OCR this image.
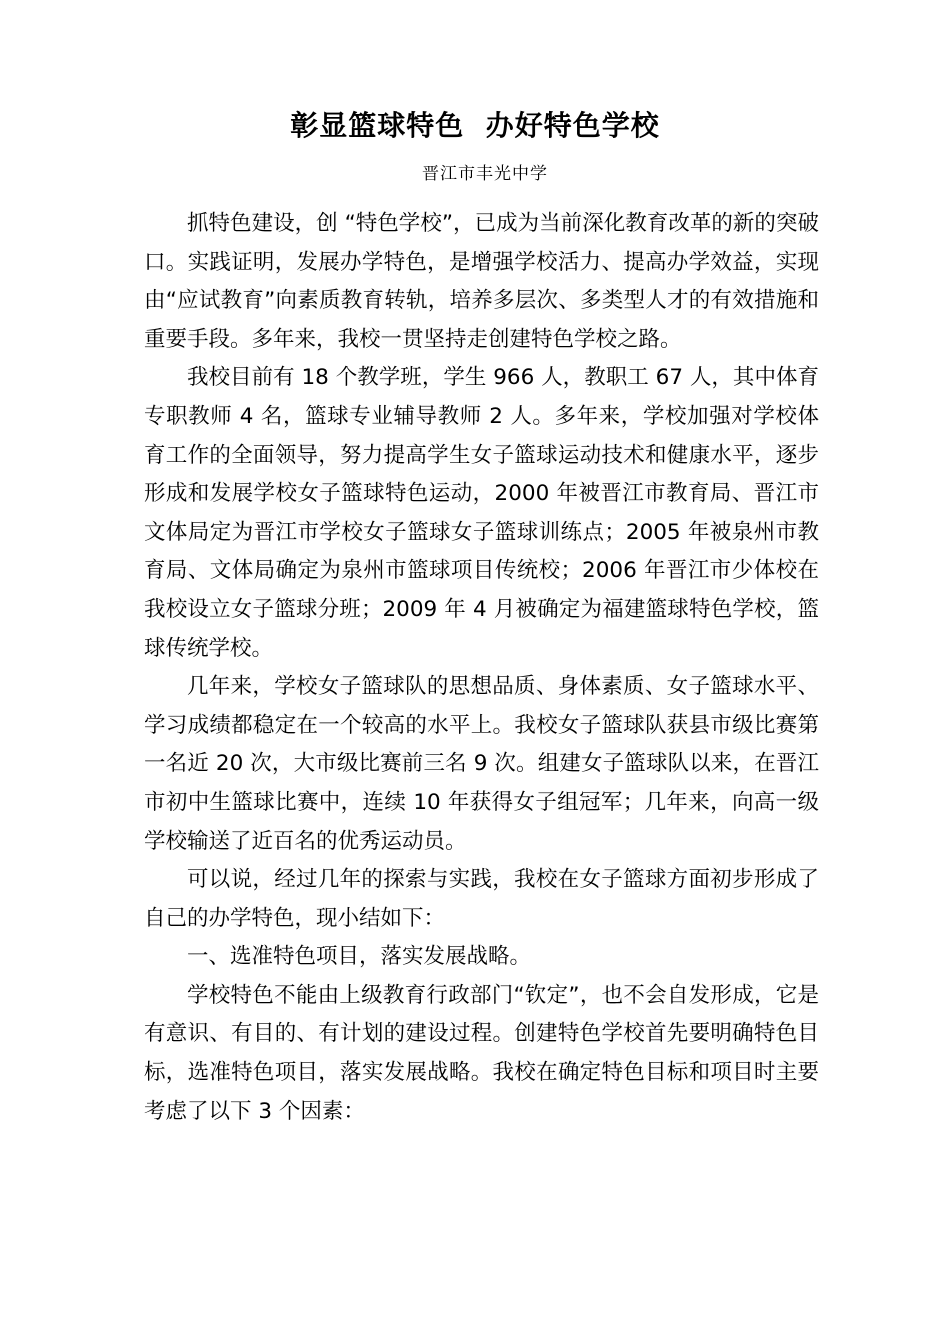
彰显篮球特色  办好特色学校
晋江市丰光中学

抓特色建设，创 “特色学校”，已成为当前深化教育改革的新的突破口。实践证明，发展办学特色，是增强学校活力、提高办学效益，实现由“应试教育”向素质教育转轨，培养多层次、多类型人才的有效措施和重要手段。多年来，我校一贯坚持走创建特色学校之路。

我校目前有 18 个教学班，学生 966 人，教职工 67 人，其中体育专职教师 4 名，篮球专业辅导教师 2 人。多年来，学校加强对学校体育工作的全面领导，努力提高学生女子篮球运动技术和健康水平，逐步形成和发展学校女子篮球特色运动，2000 年被晋江市教育局、晋江市文体局定为晋江市学校女子篮球女子篮球训练点；2005 年被泉州市教育局、文体局确定为泉州市篮球项目传统校；2006 年晋江市少体校在我校设立女子篮球分班；2009 年 4 月被确定为福建篮球特色学校，篮球传统学校。

几年来，学校女子篮球队的思想品质、身体素质、女子篮球水平、学习成绩都稳定在一个较高的水平上。我校女子篮球队获县市级比赛第一名近 20 次，大市级比赛前三名 9 次。组建女子篮球队以来，在晋江市初中生篮球比赛中，连续 10 年获得女子组冠军；几年来，向高一级学校输送了近百名的优秀运动员。

可以说，经过几年的探索与实践，我校在女子篮球方面初步形成了自己的办学特色，现小结如下：

一、选准特色项目，落实发展战略。

学校特色不能由上级教育行政部门“钦定”，也不会自发形成，它是有意识、有目的、有计划的建设过程。创建特色学校首先要明确特色目标，选准特色项目，落实发展战略。我校在确定特色目标和项目时主要考虑了以下 3 个因素：
